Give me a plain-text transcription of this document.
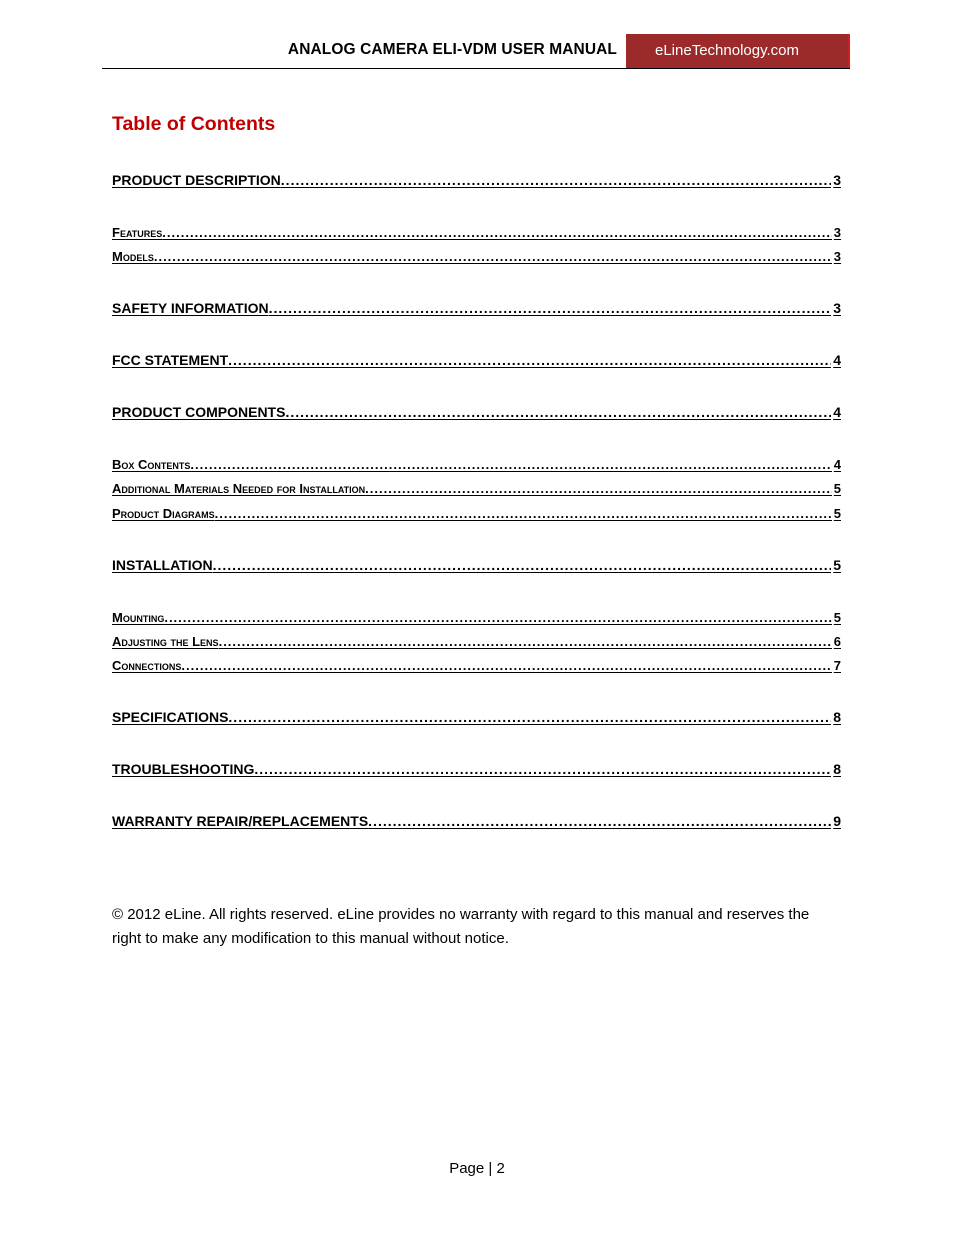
ANALOG CAMERA ELI-VDM USER MANUAL	eLineTechnology.com
Table of Contents
PRODUCT DESCRIPTION .....	3
Features .....	3
Models .....	3
SAFETY INFORMATION .....	3
FCC STATEMENT .....	4
PRODUCT COMPONENTS .....	4
Box Contents .....	4
Additional Materials Needed for Installation .....	5
Product Diagrams .....	5
INSTALLATION .....	5
Mounting .....	5
Adjusting the Lens .....	6
Connections .....	7
SPECIFICATIONS .....	8
TROUBLESHOOTING .....	8
WARRANTY REPAIR/REPLACEMENTS .....	9
© 2012 eLine. All rights reserved. eLine provides no warranty with regard to this manual and reserves the right to make any modification to this manual without notice.
Page | 2
